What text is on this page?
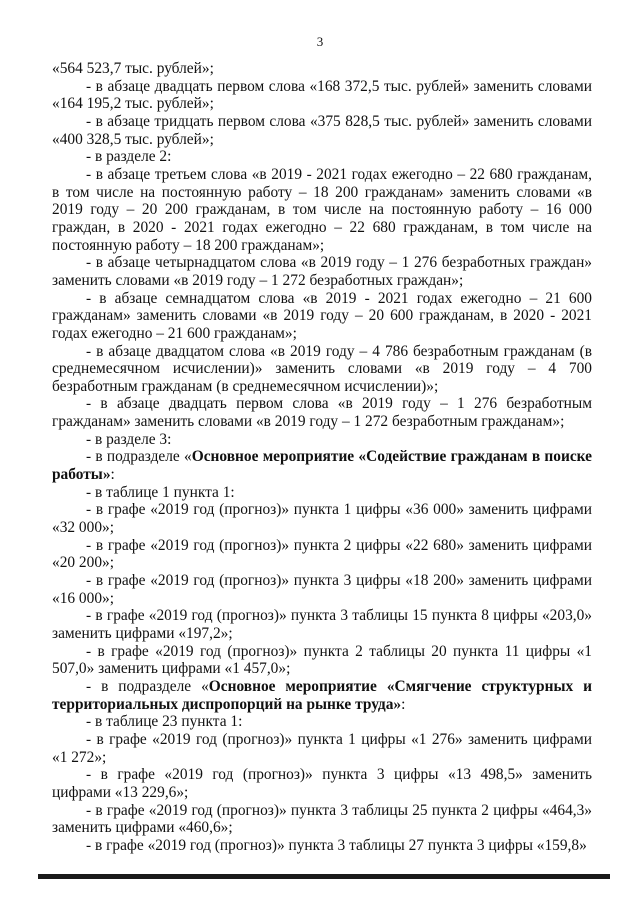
3

«564 523,7 тыс. рублей»;

- в абзаце двадцать первом слова «168 372,5 тыс. рублей» заменить словами «164 195,2 тыс. рублей»;

- в абзаце тридцать первом слова «375 828,5 тыс. рублей» заменить словами «400 328,5 тыс. рублей»;

- в разделе 2:

- в абзаце третьем слова «в 2019 - 2021 годах ежегодно – 22 680 гражданам, в том числе на постоянную работу – 18 200 гражданам» заменить словами «в 2019 году – 20 200 гражданам, в том числе на постоянную работу – 16 000 граждан, в 2020 - 2021 годах ежегодно – 22 680 гражданам, в том числе на постоянную работу – 18 200 гражданам»;

- в абзаце четырнадцатом слова «в 2019 году – 1 276 безработных граждан» заменить словами «в 2019 году – 1 272 безработных граждан»;

- в абзаце семнадцатом слова «в 2019 - 2021 годах ежегодно – 21 600 гражданам» заменить словами «в 2019 году – 20 600 гражданам, в 2020 - 2021 годах ежегодно – 21 600 гражданам»;

- в абзаце двадцатом слова «в 2019 году – 4 786 безработным гражданам (в среднемесячном исчислении)» заменить словами «в 2019 году – 4 700 безработным гражданам (в среднемесячном исчислении)»;

- в абзаце двадцать первом слова «в 2019 году – 1 276 безработным гражданам» заменить словами «в 2019 году – 1 272 безработным гражданам»;

- в разделе 3:

- в подразделе «Основное мероприятие «Содействие гражданам в поиске работы»:

- в таблице 1 пункта 1:

- в графе «2019 год (прогноз)» пункта 1 цифры «36 000» заменить цифрами «32 000»;

- в графе «2019 год (прогноз)» пункта 2 цифры «22 680» заменить цифрами «20 200»;

- в графе «2019 год (прогноз)» пункта 3 цифры «18 200» заменить цифрами «16 000»;

- в графе «2019 год (прогноз)» пункта 3 таблицы 15 пункта 8 цифры «203,0» заменить цифрами «197,2»;

- в графе «2019 год (прогноз)» пункта 2 таблицы 20 пункта 11 цифры «1 507,0» заменить цифрами «1 457,0»;

- в подразделе «Основное мероприятие «Смягчение структурных и территориальных диспропорций на рынке труда»:

- в таблице 23 пункта 1:

- в графе «2019 год (прогноз)» пункта 1 цифры «1 276» заменить цифрами «1 272»;

- в графе «2019 год (прогноз)» пункта 3 цифры «13 498,5» заменить цифрами «13 229,6»;

- в графе «2019 год (прогноз)» пункта 3 таблицы 25 пункта 2 цифры «464,3» заменить цифрами «460,6»;

- в графе «2019 год (прогноз)» пункта 3 таблицы 27 пункта 3 цифры «159,8»
